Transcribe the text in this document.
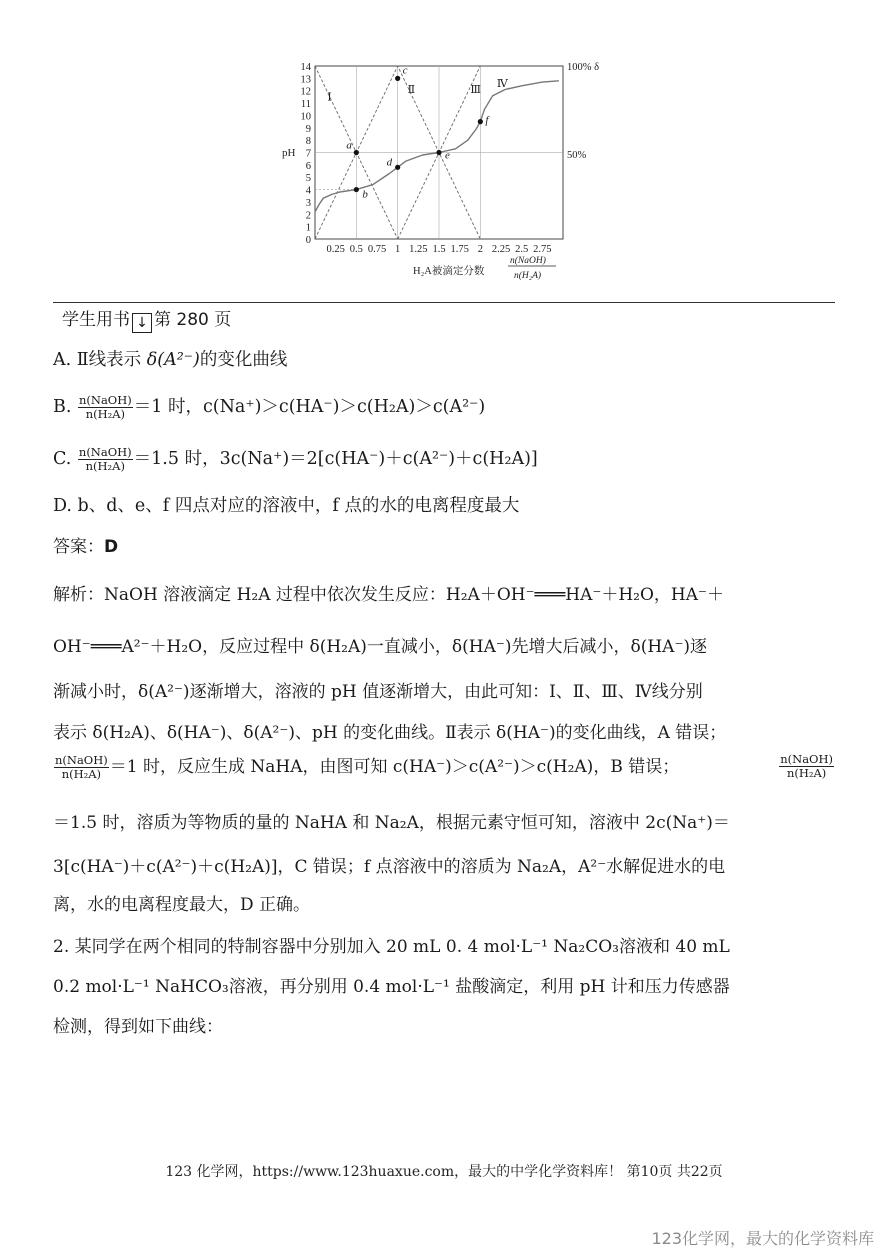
a
b
c
d
e
f
0
1
2
3
4
5
6
7
8
9
10
11
12
13
14
0.25 0.5 0.75 1 1.25 1.5 1.75 2 2.25 2.5 2.75
Ⅰ
Ⅱ	Ⅲ
Ⅳ
pH
100% δ
50%
H₂A被滴定分数
n(NaOH)
n(H₂A)
学生用书 ↓ 第 280 页
A. Ⅱ线表示 δ(A²⁻)的变化曲线
B. $\frac{\text{n(NaOH)}}{\text{n(H₂A)}} =1$ 时，c(Na⁺)＞c(HA⁻)＞c(H₂A)＞c(A²⁻)
C. $\frac{\text{n(NaOH)}}{\text{n(H₂A)}} =1.5$ 时，3c(Na⁺)＝2[c(HA⁻)＋c(A²⁻)＋c(H₂A)]
D. b、d、e、f 四点对应的溶液中，f 点的水的电离程度最大
答案：D
解析：NaOH 溶液滴定 H₂A 过程中依次发生反应：H₂A＋OH⁻═══HA⁻＋H₂O，HA⁻＋
OH⁻═══A²⁻＋H₂O，反应过程中 δ(H₂A)一直减小，δ(HA⁻)先增大后减小，δ(HA⁻)逐
渐减小时，δ(A²⁻)逐渐增大，溶液的 pH 值逐渐增大，由此可知：Ⅰ、Ⅱ、Ⅲ、Ⅳ线分别
表示 δ(H₂A)、δ(HA⁻)、δ(A²⁻)、pH 的变化曲线。Ⅱ表示 δ(HA⁻)的变化曲线，A 错误；
$\frac{\text{n(NaOH)}}{\text{n(H₂A)}} =1$ 时，反应生成 NaHA，由图可知 c(HA⁻)＞c(A²⁻)＞c(H₂A)，B 错误；	$\frac{\text{n(NaOH)}}{\text{n(H₂A)}}$
＝1.5 时，溶质为等物质的量的 NaHA 和 Na₂A，根据元素守恒可知，溶液中 2c(Na⁺)＝
3[c(HA⁻)＋c(A²⁻)＋c(H₂A)]，C 错误；f 点溶液中的溶质为 Na₂A，A²⁻水解促进水的电
离，水的电离程度最大，D 正确。
2. 某同学在两个相同的特制容器中分别加入 20 mL 0. 4 mol·L⁻¹ Na₂CO₃溶液和 40 mL
0.2 mol·L⁻¹ NaHCO₃溶液，再分别用 0.4 mol·L⁻¹ 盐酸滴定，利用 pH 计和压力传感器
检测，得到如下曲线：
123 化学网，https://www.123huaxue.com，最大的中学化学资料库！ 第10页 共22页
123化学网，最大的化学资料库
